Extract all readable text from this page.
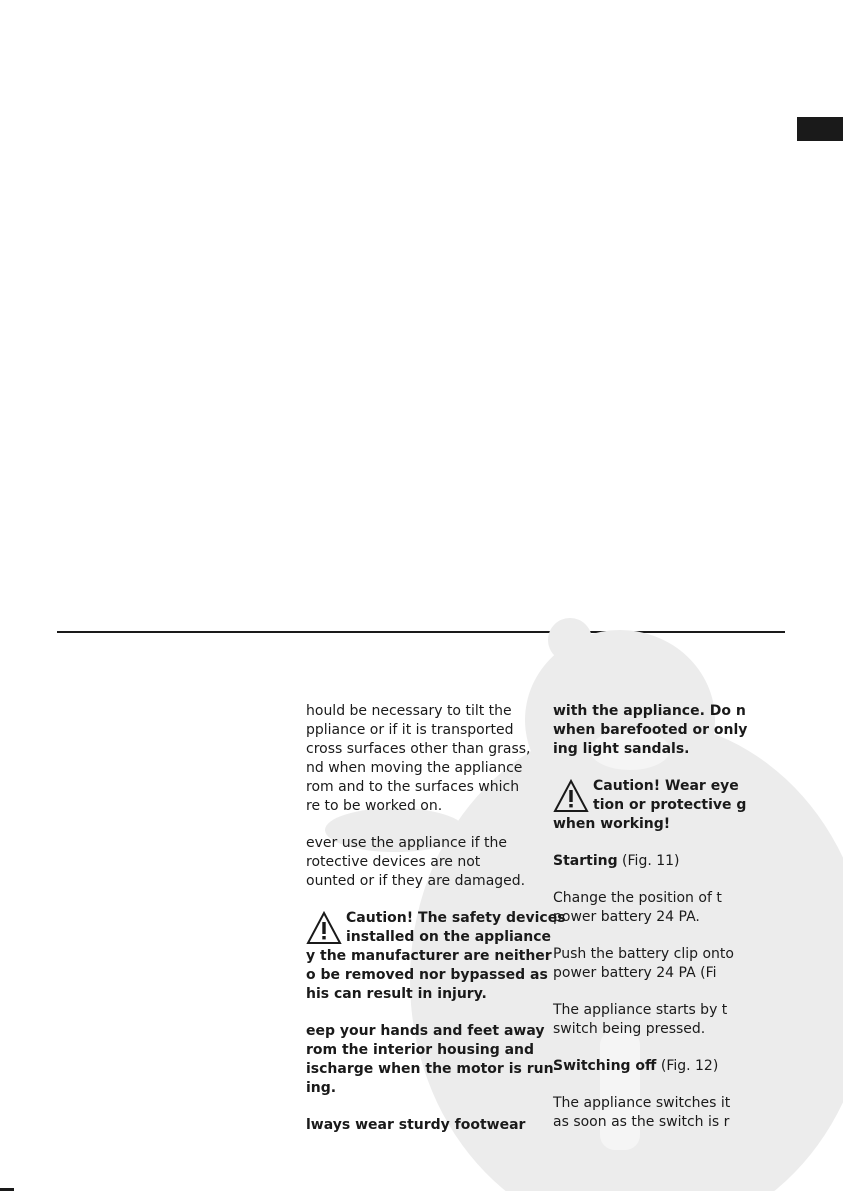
hould be necessary to tilt the
ppliance or if it is transported
cross surfaces other than grass,
nd when moving the appliance
rom and to the surfaces which
re to be worked on.
ever use the appliance if the
rotective devices are not
ounted or if they are damaged.
Caution! The safety devices
installed on the appliance
y the manufacturer are neither
o be removed nor bypassed as
his can result in injury.
eep your hands and feet away
rom the interior housing and
ischarge when the motor is run-
ing.
lways wear sturdy footwear
with the appliance. Do n
when barefooted or only
ing light sandals.
Caution! Wear eye
tion or protective g
when working!
Starting (Fig. 11)
Change the position of t
power battery 24 PA.
Push the battery clip onto
power battery 24 PA (Fi
The appliance starts by t
switch being pressed.
Switching off (Fig. 12)
The appliance switches it
as soon as the switch is r
